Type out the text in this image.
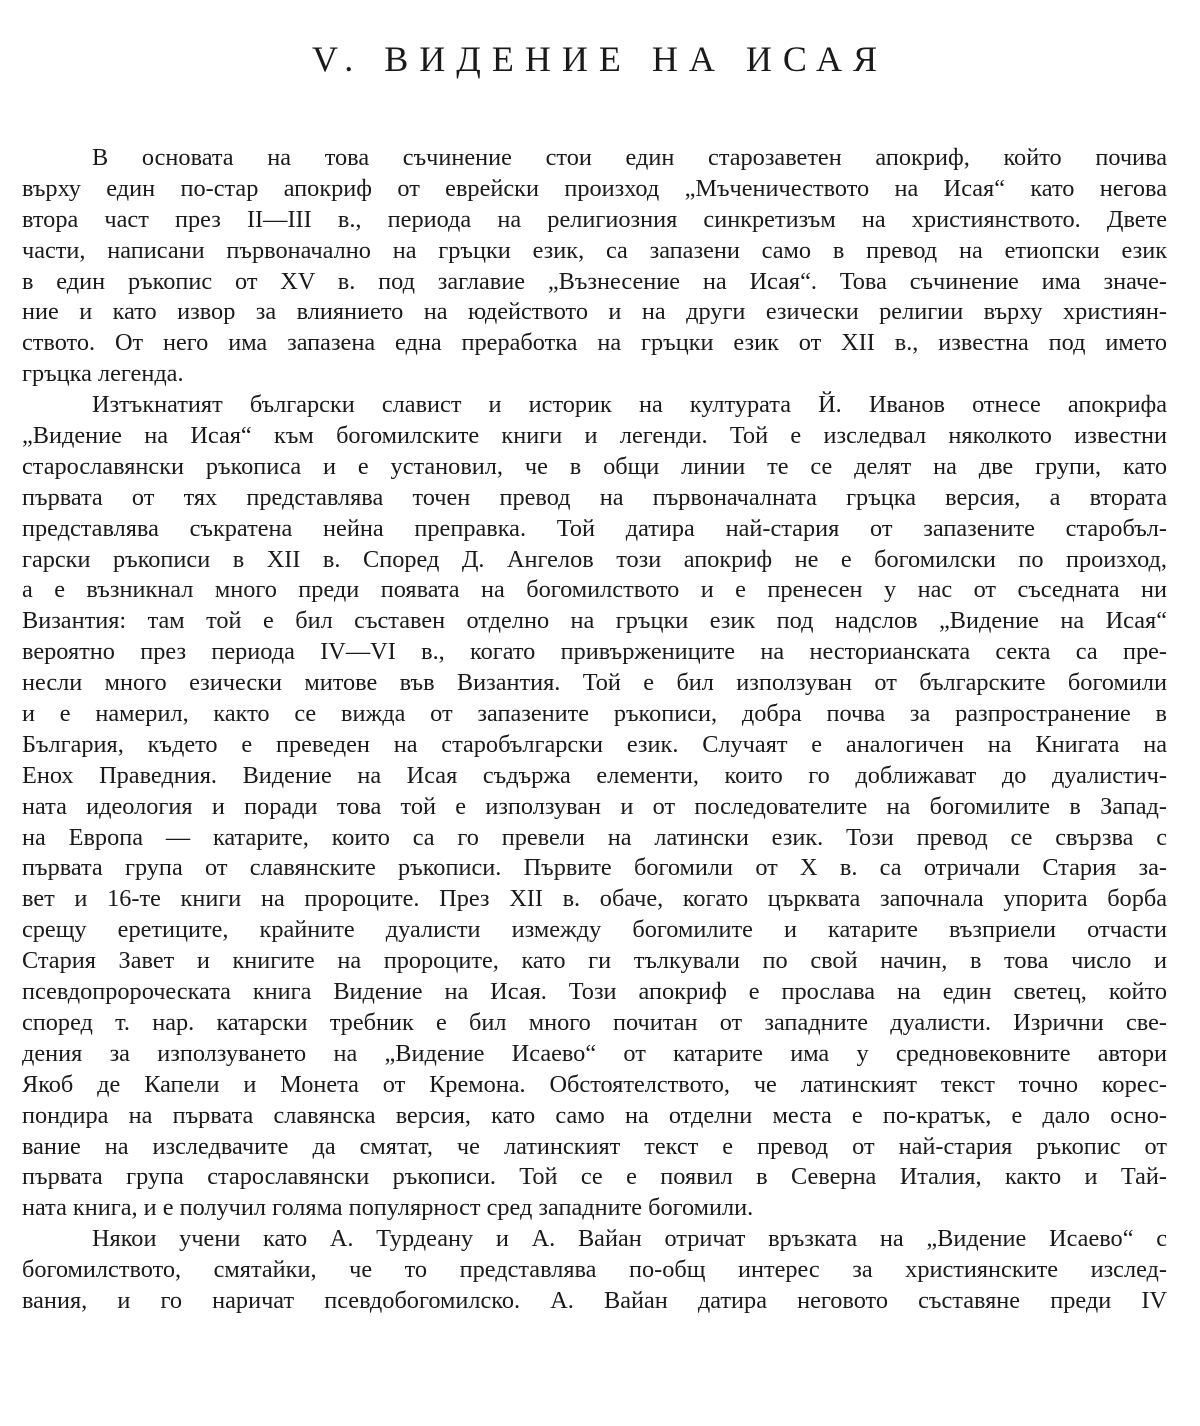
V. ВИДЕНИЕ НА ИСАЯ
В основата на това съчинение стои един старозаветен апокриф, който почива
върху един по-стар апокриф от еврейски произход „Мъченичеството на Исая“ като негова
втора част през II—III в., периода на религиозния синкретизъм на християнството. Двете
части, написани първоначално на гръцки език, са запазени само в превод на етиопски език
в един ръкопис от XV в. под заглавие „Възнесение на Исая“. Това съчинение има значе-
ние и като извор за влиянието на юдейството и на други езически религии върху християн-
ството. От него има запазена една преработка на гръцки език от XII в., известна под името
гръцка легенда.
Изтъкнатият български славист и историк на културата Й. Иванов отнесе апокрифа
„Видение на Исая“ към богомилските книги и легенди. Той е изследвал няколкото известни
старославянски ръкописа и е установил, че в общи линии те се делят на две групи, като
първата от тях представлява точен превод на първоначалната гръцка версия, а втората
представлява съкратена нейна преправка. Той датира най-стария от запазените старобъл-
гарски ръкописи в XII в. Според Д. Ангелов този апокриф не е богомилски по произход,
а е възникнал много преди появата на богомилството и е пренесен у нас от съседната ни
Византия: там той е бил съставен отделно на гръцки език под надслов „Видение на Исая“
вероятно през периода IV—VI в., когато привържениците на несторианската секта са пре-
несли много езически митове във Византия. Той е бил използуван от българските богомили
и е намерил, както се вижда от запазените ръкописи, добра почва за разпространение в
България, където е преведен на старобългарски език. Случаят е аналогичен на Книгата на
Енох Праведния. Видение на Исая съдържа елементи, които го доближават до дуалистич-
ната идеология и поради това той е използуван и от последователите на богомилите в Запад-
на Европа — катарите, които са го превели на латински език. Този превод се свързва с
първата група от славянските ръкописи. Първите богомили от X в. са отричали Стария за-
вет и 16-те книги на пророците. През XII в. обаче, когато църквата започнала упорита борба
срещу еретиците, крайните дуалисти измежду богомилите и катарите възприели отчасти
Стария Завет и книгите на пророците, като ги тълкували по свой начин, в това число и
псевдопророческата книга Видение на Исая. Този апокриф е прослава на един светец, който
според т. нар. катарски требник е бил много почитан от западните дуалисти. Изрични све-
дения за използуването на „Видение Исаево“ от катарите има у средновековните автори
Якоб де Капели и Монета от Кремона. Обстоятелството, че латинският текст точно корес-
пондира на първата славянска версия, като само на отделни места е по-кратък, е дало осно-
вание на изследвачите да смятат, че латинският текст е превод от най-стария ръкопис от
първата група старославянски ръкописи. Той се е появил в Северна Италия, както и Тай-
ната книга, и е получил голяма популярност сред западните богомили.
Някои учени като А. Турдеану и А. Вайан отричат връзката на „Видение Исаево“ с
богомилството, смятайки, че то представлява по-общ интерес за християнските изслед-
вания, и го наричат псевдобогомилско. А. Вайан датира неговото съставяне преди IV
